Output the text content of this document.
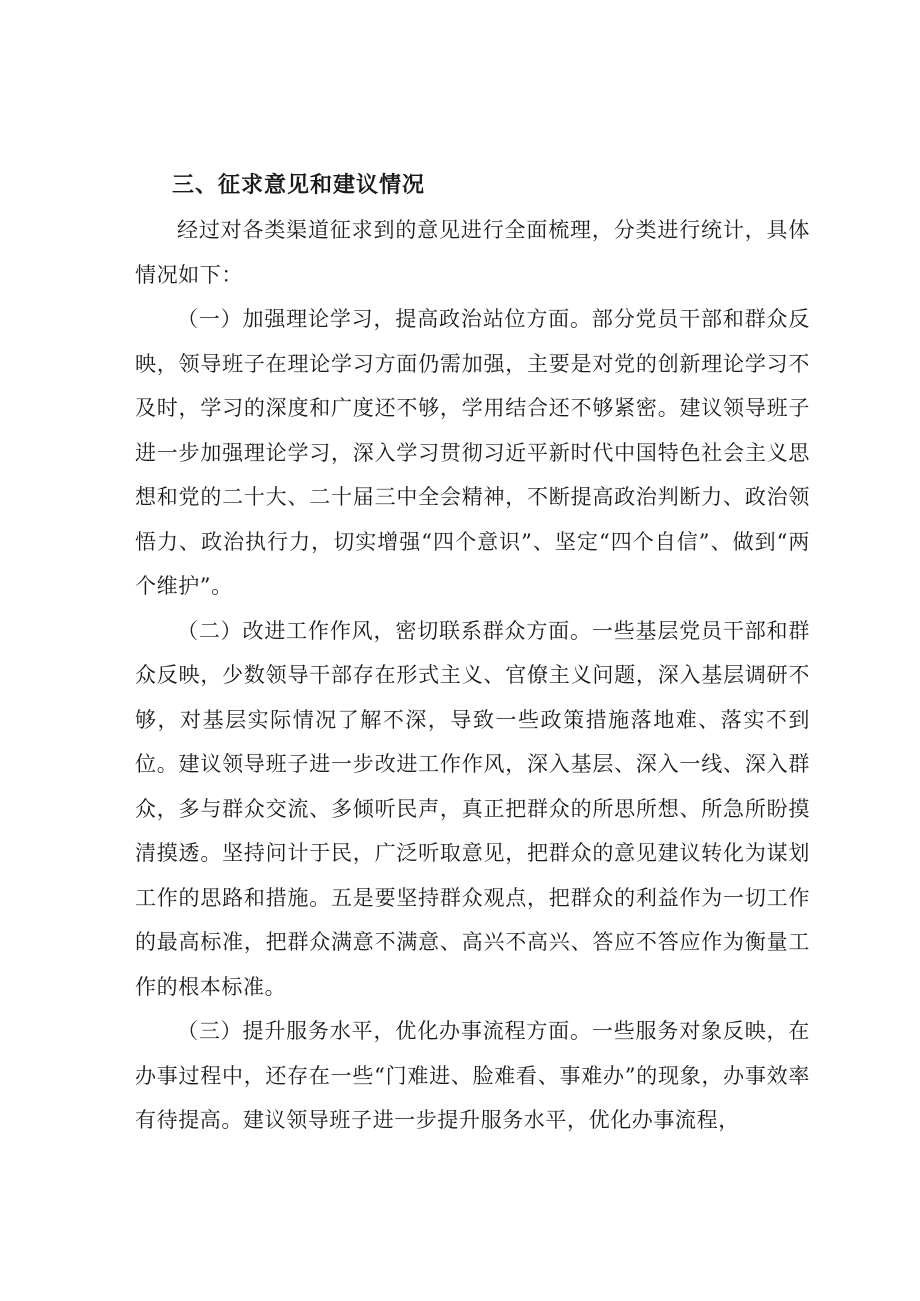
三、征求意见和建议情况

经过对各类渠道征求到的意见进行全面梳理，分类进行统计，具体情况如下：

（一）加强理论学习，提高政治站位方面。部分党员干部和群众反映，领导班子在理论学习方面仍需加强，主要是对党的创新理论学习不及时，学习的深度和广度还不够，学用结合还不够紧密。建议领导班子进一步加强理论学习，深入学习贯彻习近平新时代中国特色社会主义思想和党的二十大、二十届三中全会精神，不断提高政治判断力、政治领悟力、政治执行力，切实增强“四个意识”、坚定“四个自信”、做到“两个维护”。

（二）改进工作作风，密切联系群众方面。一些基层党员干部和群众反映，少数领导干部存在形式主义、官僚主义问题，深入基层调研不够，对基层实际情况了解不深，导致一些政策措施落地难、落实不到位。建议领导班子进一步改进工作作风，深入基层、深入一线、深入群众，多与群众交流、多倾听民声，真正把群众的所思所想、所急所盼摸清摸透。坚持问计于民，广泛听取意见，把群众的意见建议转化为谋划工作的思路和措施。五是要坚持群众观点，把群众的利益作为一切工作的最高标准，把群众满意不满意、高兴不高兴、答应不答应作为衡量工作的根本标准。

（三）提升服务水平，优化办事流程方面。一些服务对象反映，在办事过程中，还存在一些“门难进、脸难看、事难办”的现象，办事效率有待提高。建议领导班子进一步提升服务水平，优化办事流程，
